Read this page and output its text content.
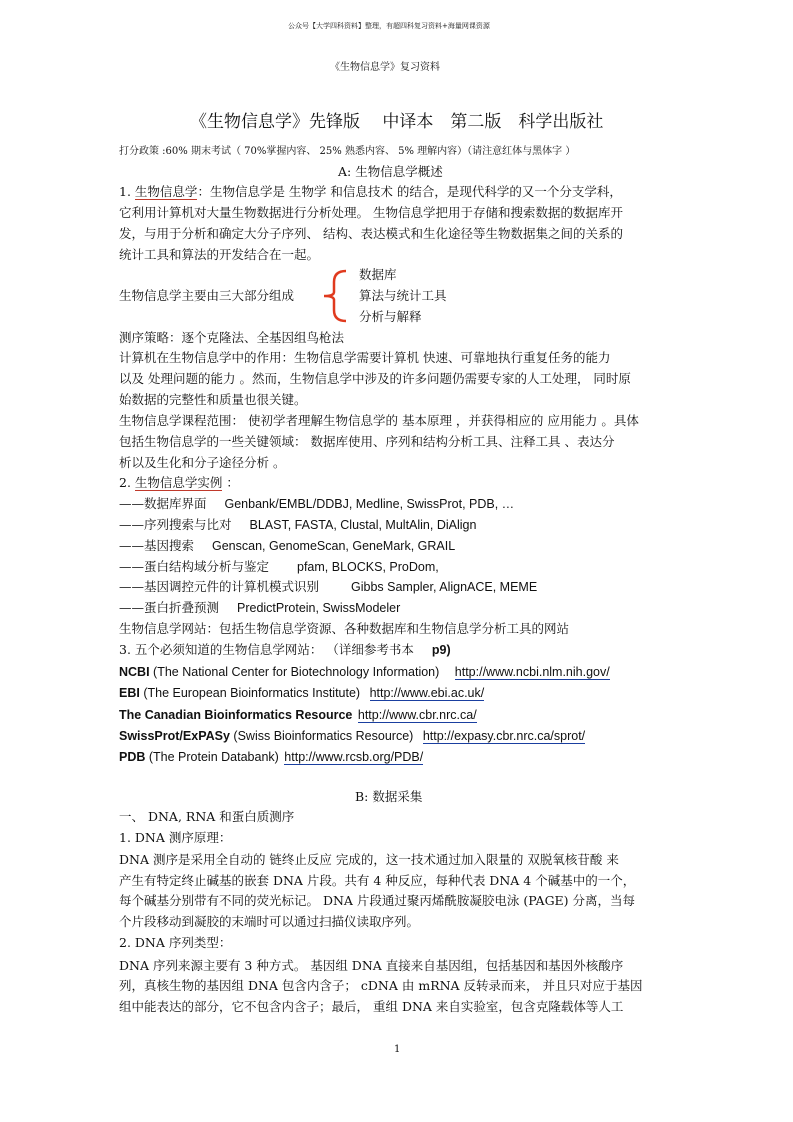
公众号【大学四科资料】整理，有超四科复习资料+海量网课资源
《生物信息学》复习资料
《生物信息学》先锋版　 中译本　第二版　科学出版社
打分政策 :60% 期末考试（ 70%掌握内容、 25% 熟悉内容、 5% 理解内容）（请注意红体与黑体字 ）
A: 生物信息学概述
1. 生物信息学：生物信息学是 生物学 和信息技术 的结合，是现代科学的又一个分支学科，
它利用计算机对大量生物数据进行分析处理。 生物信息学把用于存储和搜索数据的数据库开
发，与用于分析和确定大分子序列、 结构、表达模式和生化途径等生物数据集之间的关系的
统计工具和算法的开发结合在一起。
生物信息学主要由三大部分组成
数据库
算法与统计工具
分析与解释
测序策略：逐个克隆法、全基因组鸟枪法
计算机在生物信息学中的作用：生物信息学需要计算机 快速、可靠地执行重复任务的能力
以及 处理问题的能力 。然而，生物信息学中涉及的许多问题仍需要专家的人工处理， 同时原
始数据的完整性和质量也很关键。
生物信息学课程范围： 使初学者理解生物信息学的 基本原理 ，并获得相应的 应用能力 。具体
包括生物信息学的一些关键领域： 数据库使用、序列和结构分析工具、注释工具 、表达分
析以及生化和分子途径分析 。
2. 生物信息学实例 ：
——数据库界面 Genbank/EMBL/DDBJ, Medline, SwissProt, PDB, …
——序列搜索与比对 BLAST, FASTA, Clustal, MultAlin, DiAlign
——基因搜索 Genscan, GenomeScan, GeneMark, GRAIL
——蛋白结构域分析与鉴定 pfam, BLOCKS, ProDom,
——基因调控元件的计算机模式识别	Gibbs Sampler, AlignACE, MEME
——蛋白折叠预测 PredictProtein, SwissModeler
生物信息学网站：包括生物信息学资源、各种数据库和生物信息学分析工具的网站
3. 五个必须知道的生物信息学网站： （详细参考书本 p9)
NCBI (The National Center for Biotechnology Information) http://www.ncbi.nlm.nih.gov/
EBI (The European Bioinformatics Institute) http://www.ebi.ac.uk/
The Canadian Bioinformatics Resource http://www.cbr.nrc.ca/
SwissProt/ExPASy (Swiss Bioinformatics Resource) http://expasy.cbr.nrc.ca/sprot/
PDB (The Protein Databank) http://www.rcsb.org/PDB/
B: 数据采集
一、 DNA, RNA 和蛋白质测序
1. DNA 测序原理：
DNA 测序是采用全自动的 链终止反应 完成的，这一技术通过加入限量的 双脱氧核苷酸 来
产生有特定终止碱基的嵌套 DNA 片段。共有 4 种反应，每种代表 DNA 4 个碱基中的一个，
每个碱基分别带有不同的荧光标记。 DNA 片段通过聚丙烯酰胺凝胶电泳 (PAGE) 分离，当每
个片段移动到凝胶的末端时可以通过扫描仪读取序列。
2. DNA 序列类型：
DNA 序列来源主要有 3 种方式。 基因组 DNA 直接来自基因组，包括基因和基因外核酸序
列，真核生物的基因组 DNA 包含内含子； cDNA 由 mRNA 反转录而来， 并且只对应于基因
组中能表达的部分，它不包含内含子；最后， 重组 DNA 来自实验室，包含克隆载体等人工
1
